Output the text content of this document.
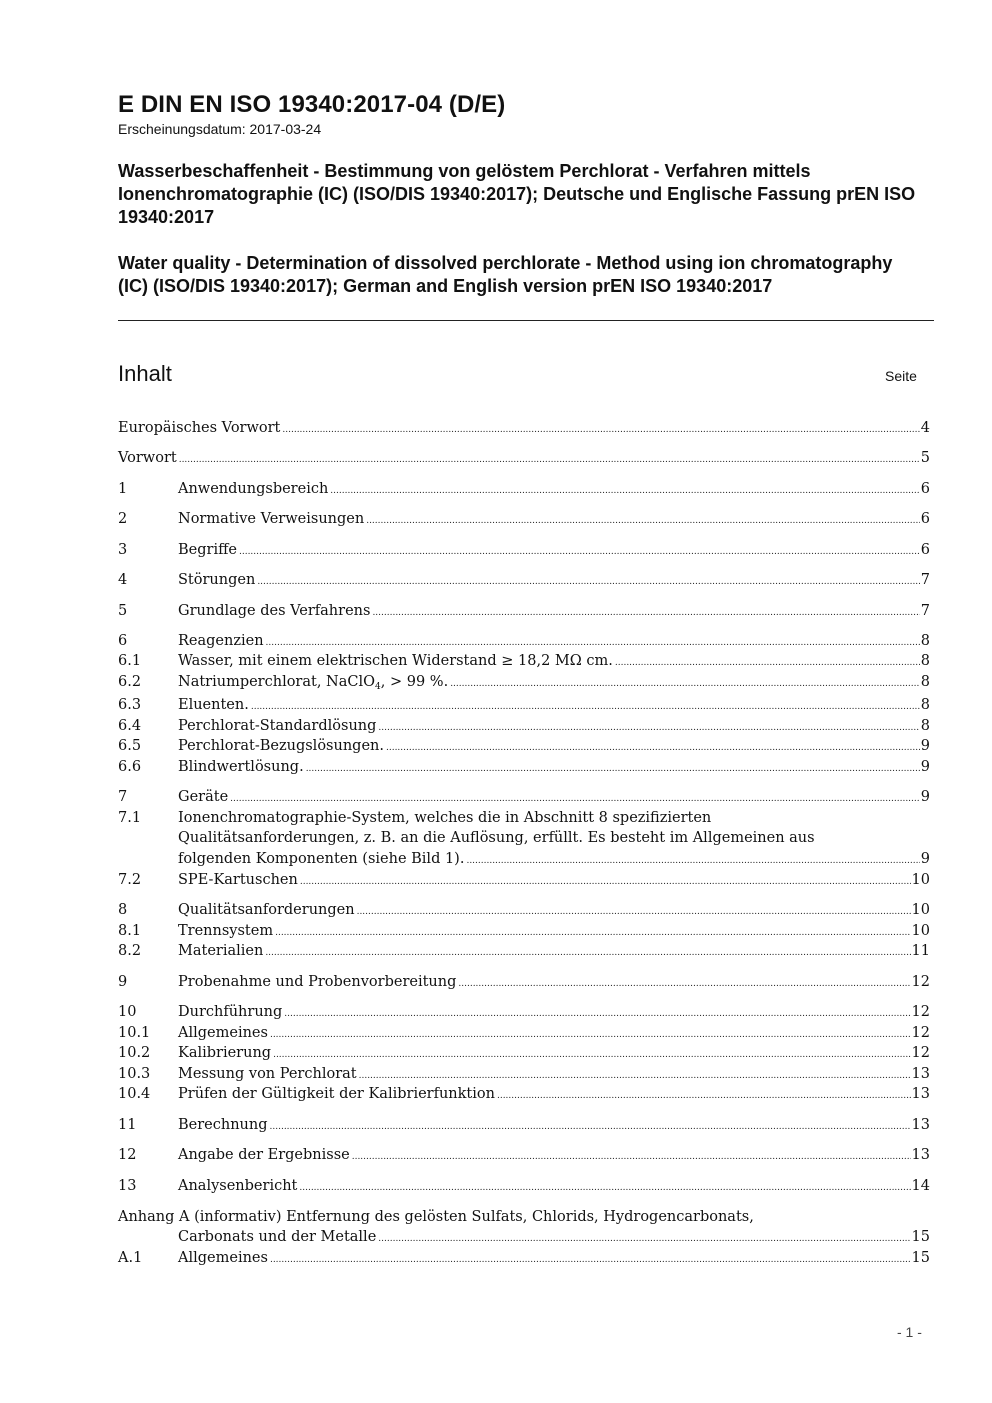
E DIN EN ISO 19340:2017-04 (D/E)
Erscheinungsdatum: 2017-03-24
Wasserbeschaffenheit - Bestimmung von gelöstem Perchlorat - Verfahren mittels Ionenchromatographie (IC) (ISO/DIS 19340:2017); Deutsche und Englische Fassung prEN ISO 19340:2017
Water quality - Determination of dissolved perchlorate - Method using ion chromatography (IC) (ISO/DIS 19340:2017); German and English version prEN ISO 19340:2017
Inhalt	Seite
Europäisches Vorwort .....	4
Vorwort .....	5
1	Anwendungsbereich .....	6
2	Normative Verweisungen .....	6
3	Begriffe .....	6
4	Störungen .....	7
5	Grundlage des Verfahrens .....	7
6	Reagenzien .....	8
6.1	Wasser, mit einem elektrischen Widerstand ≥ 18,2 MΩ cm. .....	8
6.2	Natriumperchlorat, NaClO$_4$, > 99 %. .....	8
6.3	Eluenten. .....	8
6.4	Perchlorat-Standardlösung .....	8
6.5	Perchlorat-Bezugslösungen. .....	9
6.6	Blindwertlösung. .....	9
7	Geräte .....	9
7.1	Ionenchromatographie-System, welches die in Abschnitt 8 spezifizierten
Qualitätsanforderungen, z. B. an die Auflösung, erfüllt. Es besteht im Allgemeinen aus
folgenden Komponenten (siehe Bild 1). .....	9
7.2	SPE-Kartuschen .....	10
8	Qualitätsanforderungen .....	10
8.1	Trennsystem .....	10
8.2	Materialien .....	11
9	Probenahme und Probenvorbereitung .....	12
10	Durchführung .....	12
10.1 Allgemeines .....	12
10.2 Kalibrierung .....	12
10.3 Messung von Perchlorat .....	13
10.4 Prüfen der Gültigkeit der Kalibrierfunktion .....	13
11	Berechnung .....	13
12	Angabe der Ergebnisse .....	13
13	Analysenbericht .....	14
Anhang A (informativ) Entfernung des gelösten Sulfats, Chlorids, Hydrogencarbonats,
Carbonats und der Metalle .....	15
A.1 Allgemeines .....	15
- 1 -
